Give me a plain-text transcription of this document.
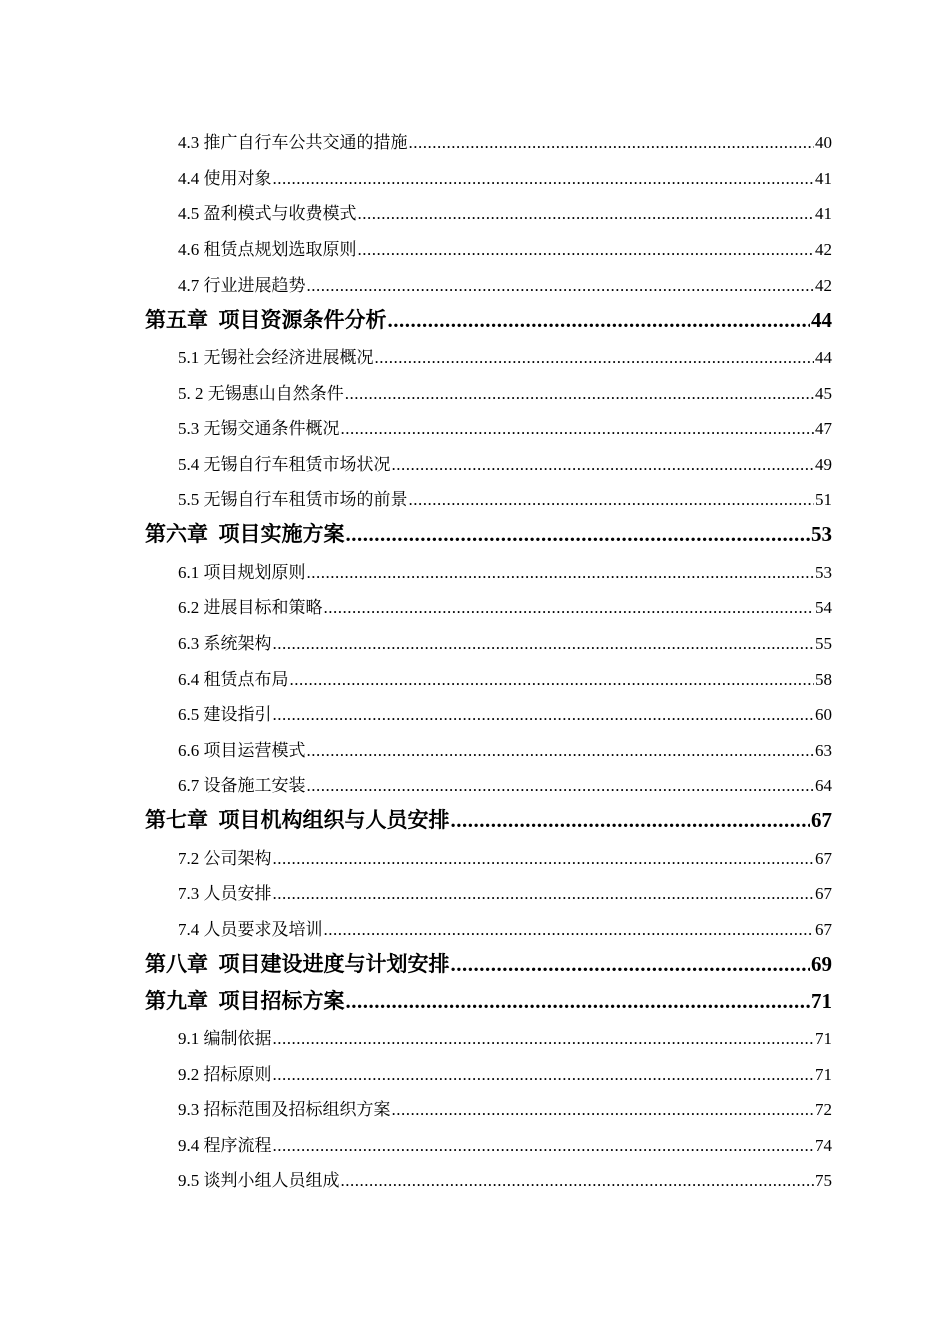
4.3 推广自行车公共交通的措施 .....	40
4.4 使用对象 .....	41
4.5 盈利模式与收费模式 .....	41
4.6 租赁点规划选取原则 .....	42
4.7 行业进展趋势 .....	42
第五章  项目资源条件分析 .....	44
5.1 无锡社会经济进展概况 .....	44
5. 2 无锡惠山自然条件 .....	45
5.3 无锡交通条件概况 .....	47
5.4 无锡自行车租赁市场状况 .....	49
5.5 无锡自行车租赁市场的前景 .....	51
第六章  项目实施方案 .....	53
6.1 项目规划原则 .....	53
6.2 进展目标和策略 .....	54
6.3 系统架构 .....	55
6.4 租赁点布局 .....	58
6.5 建设指引 .....	60
6.6 项目运营模式 .....	63
6.7 设备施工安装 .....	64
第七章  项目机构组织与人员安排 .....	67
7.2 公司架构 .....	67
7.3 人员安排 .....	67
7.4 人员要求及培训 .....	67
第八章  项目建设进度与计划安排 .....	69
第九章  项目招标方案 .....	71
9.1 编制依据 .....	71
9.2 招标原则 .....	71
9.3 招标范围及招标组织方案 .....	72
9.4 程序流程 .....	74
9.5 谈判小组人员组成 .....	75
